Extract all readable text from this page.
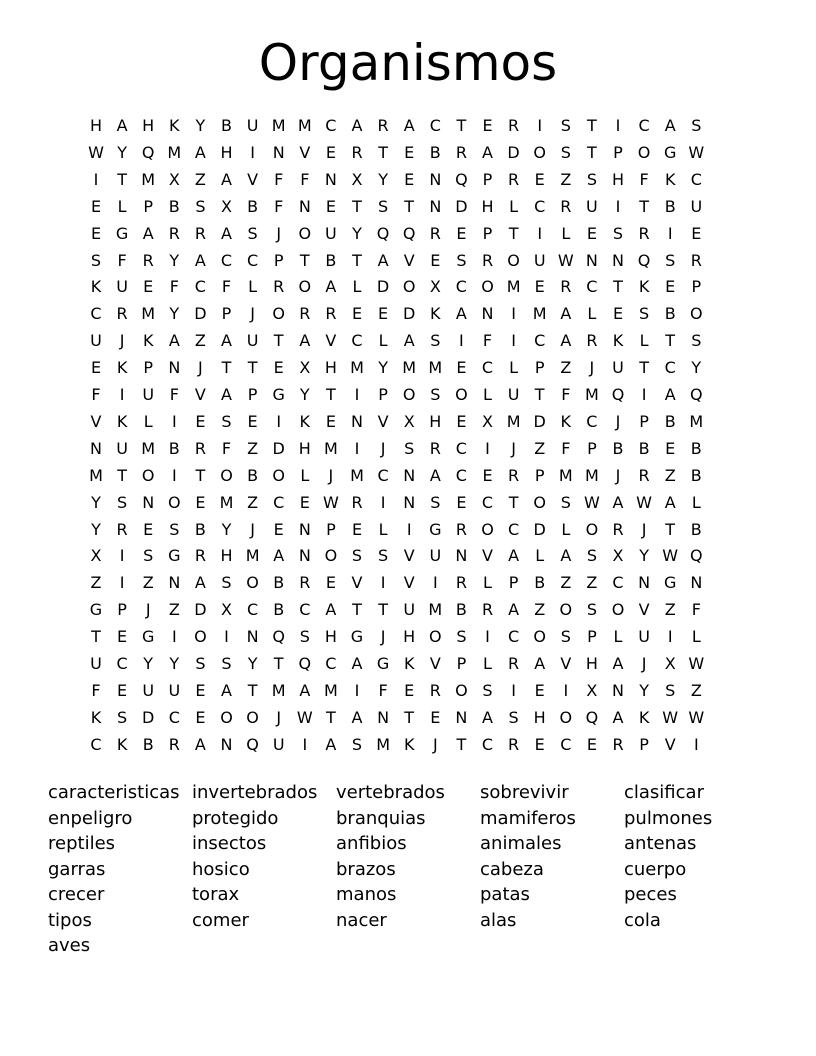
Organismos
H A H K Y B U M M C A R A C T	E R	I	S	T	I	C A S
W Y Q M A H	I	N V E R T	E B R A D O S	T	P O G W
I	T M X Z A V	F	F N X Y	E N Q P R E Z S H F	K C
E	L	P B S X B	F N E	T	S	T N D H L	C R U	I	T B U
E G A R R A S	J	O U Y Q Q R E	P	T	I	L	E S R	I	E
S	F R Y A C C P	T B T A V E S R O U W N N Q S R
K U E	F C F	L	R O A	L D O X C O M E R C T K E	P
C R M Y D P	J	O R R E E D K A N	I	M A	L	E S B O
U	J	K A Z A U T A V C	L	A S	I	F	I	C A R K	L	T	S
E K	P N	J	T	T	E X H M Y M M E C	L	P Z	J	U T C Y
F	I	U F	V A P G Y	T	I	P O S O L U T	F M Q	I	A Q
V K	L	I	E S E	I	K E N V X H E X M D K C	J	P B M
N U M B R F	Z D H M	I	J	S R C	I	J	Z	F	P B B E B
M T O	I	T O B O L	J	M C N A C E R P M M	J	R Z B
Y	S N O E M Z C E W R	I	N S E C T O S W A W A	L
Y R E S B Y	J	E N P	E	L	I	G R O C D L O R	J	T B
X	I	S G R H M A N O S S V U N V A	L	A S X Y W Q
Z	I	Z N A S O B R E V	I	V	I	R	L	P B Z Z C N G N
G P	J	Z D X C B C A T	T U M B R A Z O S O V Z	F
T	E G	I	O	I	N Q S H G	J	H O S	I	C O S	P	L U	I	L
U C Y	Y	S S	Y	T Q C A G K V P	L	R A V H A	J	X W
F	E U U E A T M A M	I	F	E R O S	I	E	I	X N Y	S Z
K S D C E O O	J W T A N T	E N A S H O Q A K W W
C K B R A N Q U	I	A S M K	J	T C R E C E R P V	I
caracteristicas invertebrados vertebrados sobrevivir	clasificar
enpeligro	protegido	branquias	mamiferos	pulmones
reptiles	insectos	anfibios	animales	antenas
garras	hosico	brazos	cabeza	cuerpo
crecer	torax	manos	patas	peces
tipos	comer	nacer	alas	cola
aves
